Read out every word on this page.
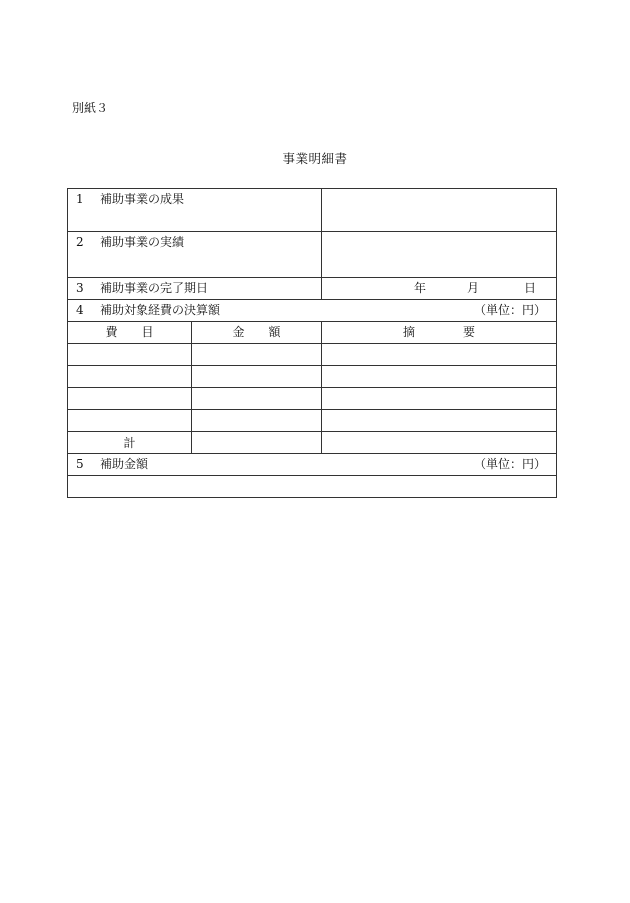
別紙３
事業明細書
1 補助事業の成果		
2 補助事業の実績		
3 補助事業の完了期日		年 月 日

4 補助対象経費の決算額 （単位：円）		

費　　目	金　　額	摘　　　　要

計		
5 補助金額 （単位：円）		
